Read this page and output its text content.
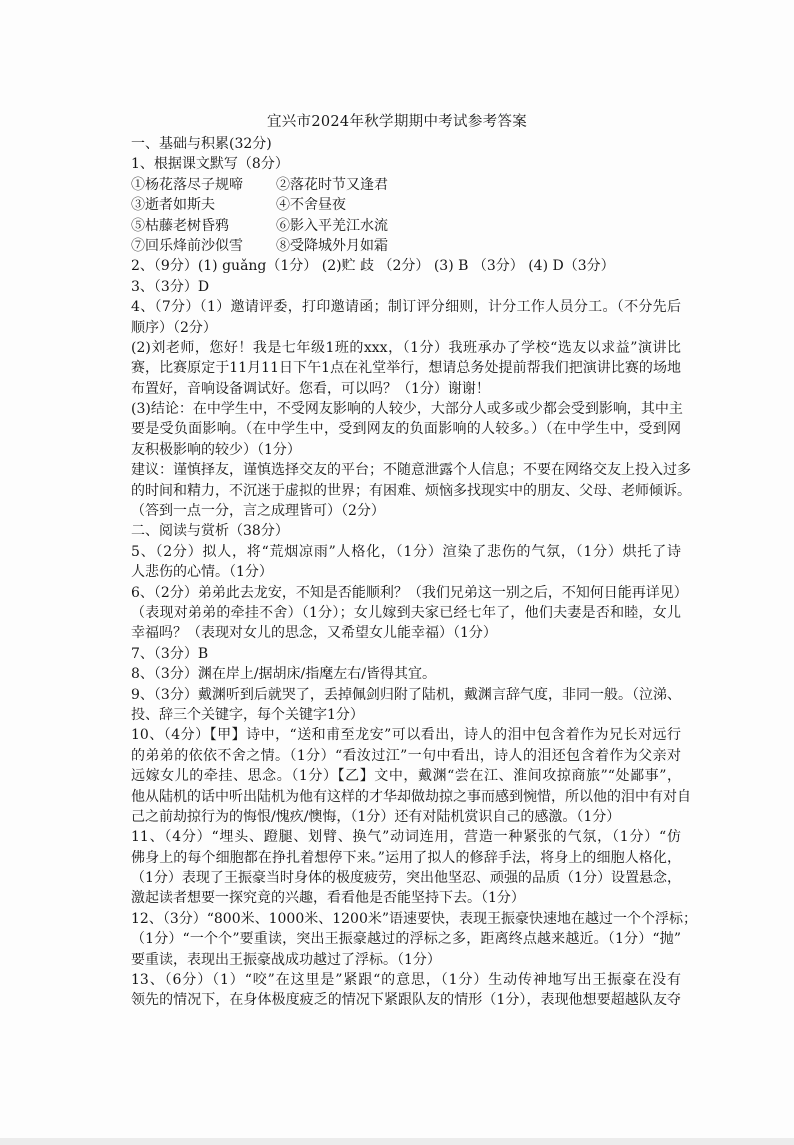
宜兴市2024年秋学期期中考试参考答案
一、基础与积累(32分)
1、根据课文默写（8分）
①杨花落尽子规啼	②落花时节又逢君
③逝者如斯夫	④不舍昼夜
⑤枯藤老树昏鸦	⑥影入平羌江水流
⑦回乐烽前沙似雪	⑧受降城外月如霜
2、（9分）(1) guǎng（1分） (2)贮 歧 （2分） (3) B （3分） (4) D（3分）
3、（3分）D
4、（7分）（1）邀请评委，打印邀请函；制订评分细则，计分工作人员分工。（不分先后
顺序）（2分）
(2)刘老师，您好！我是七年级1班的xxx，（1分）我班承办了学校“选友以求益”演讲比
赛，比赛原定于11月11日下午1点在礼堂举行，想请总务处提前帮我们把演讲比赛的场地
布置好，音响设备调试好。您看，可以吗？（1分）谢谢！
(3)结论：在中学生中，不受网友影响的人较少，大部分人或多或少都会受到影响，其中主
要是受负面影响。（在中学生中，受到网友的负面影响的人较多。）（在中学生中，受到网
友积极影响的较少）（1分）
建议：谨慎择友，谨慎选择交友的平台；不随意泄露个人信息；不要在网络交友上投入过多
的时间和精力，不沉迷于虚拟的世界；有困难、烦恼多找现实中的朋友、父母、老师倾诉。
（答到一点一分，言之成理皆可）（2分）
二、阅读与赏析（38分）
5、（2分）拟人，将“荒烟凉雨”人格化，（1分）渲染了悲伤的气氛，（1分）烘托了诗
人悲伤的心情。（1分）
6、（2分）弟弟此去龙安，不知是否能顺利？（我们兄弟这一别之后，不知何日能再详见）
（表现对弟弟的牵挂不舍）（1分）；女儿嫁到夫家已经七年了，他们夫妻是否和睦，女儿
幸福吗？（表现对女儿的思念，又希望女儿能幸福）（1分）
7、（3分）B
8、（3分）渊在岸上/据胡床/指麾左右/皆得其宜。
9、（3分）戴渊听到后就哭了，丢掉佩剑归附了陆机，戴渊言辞气度，非同一般。（泣涕、
投、辞三个关键字，每个关键字1分）
10、（4分）【甲】诗中，“送和甫至龙安”可以看出，诗人的泪中包含着作为兄长对远行
的弟弟的依依不舍之情。（1分）“看汝过江”一句中看出，诗人的泪还包含着作为父亲对
远嫁女儿的牵挂、思念。（1分）【乙】文中，戴渊“尝在江、淮间攻掠商旅”“处鄙事”，
他从陆机的话中听出陆机为他有这样的才华却做劫掠之事而感到惋惜，所以他的泪中有对自
己之前劫掠行为的悔恨/愧疚/懊悔，（1分）还有对陆机赏识自己的感激。（1分）
11、（4分）“埋头、蹬腿、划臂、换气”动词连用，营造一种紧张的气氛，（1分）“仿
佛身上的每个细胞都在挣扎着想停下来。”运用了拟人的修辞手法，将身上的细胞人格化，
（1分）表现了王振豪当时身体的极度疲劳，突出他坚忍、顽强的品质（1分）设置悬念，
激起读者想要一探究竟的兴趣，看看他是否能坚持下去。（1分）
12、（3分）“800米、1000米、1200米”语速要快，表现王振豪快速地在越过一个个浮标；
（1分）“一个个”要重读，突出王振豪越过的浮标之多，距离终点越来越近。（1分）“抛”
要重读，表现出王振豪战成功越过了浮标。（1分）
13、（6分）（1）“咬”在这里是”紧跟“的意思，（1分）生动传神地写出王振豪在没有
领先的情况下，在身体极度疲乏的情况下紧跟队友的情形（1分），表现他想要超越队友夺
